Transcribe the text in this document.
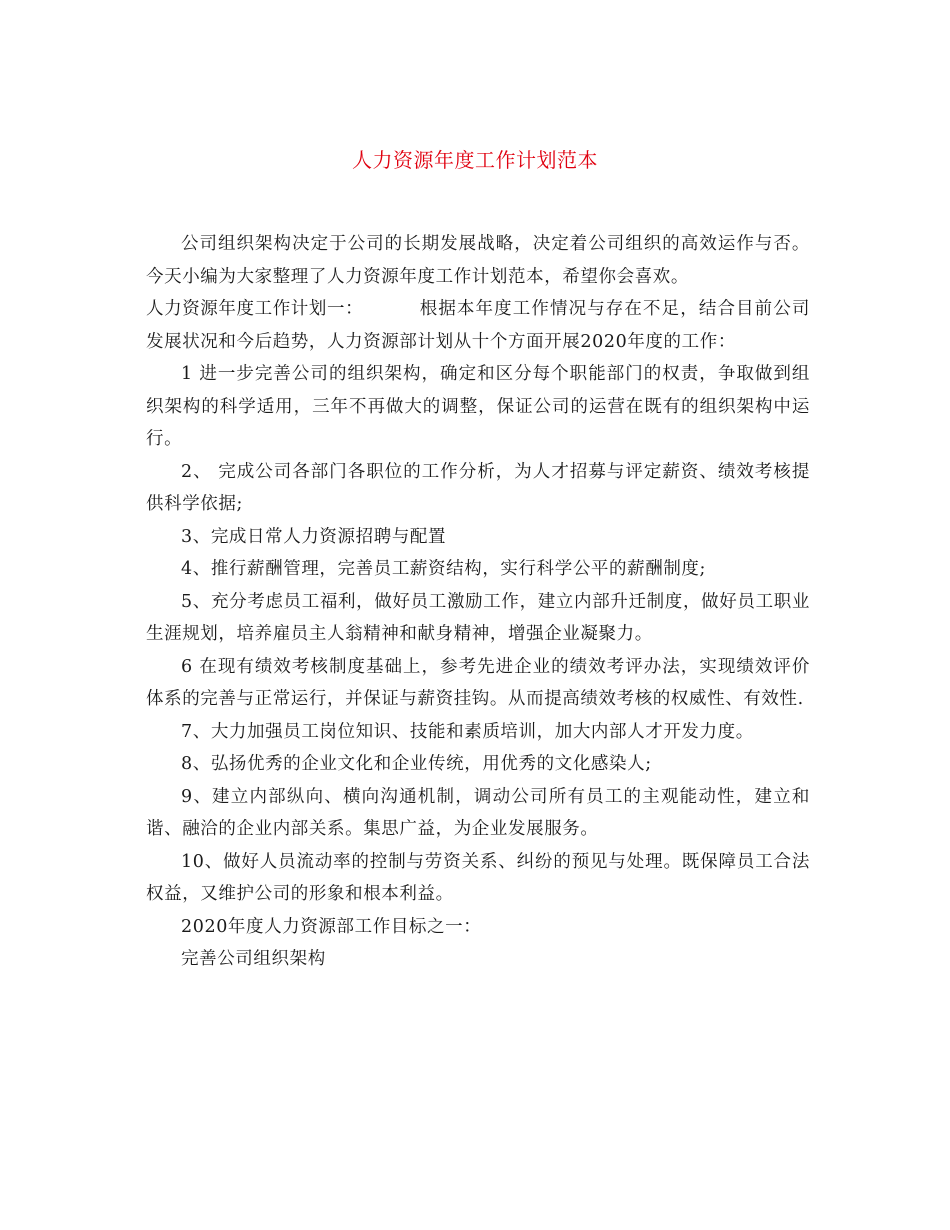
人力资源年度工作计划范本

公司组织架构决定于公司的长期发展战略，决定着公司组织的高效运作与否。今天小编为大家整理了人力资源年度工作计划范本，希望你会喜欢。

人力资源年度工作计划一：	根据本年度工作情况与存在不足，结合目前公司发展状况和今后趋势，人力资源部计划从十个方面开展2020年度的工作：

1 进一步完善公司的组织架构，确定和区分每个职能部门的权责，争取做到组织架构的科学适用，三年不再做大的调整，保证公司的运营在既有的组织架构中运行。

2、 完成公司各部门各职位的工作分析，为人才招募与评定薪资、绩效考核提供科学依据;

3、完成日常人力资源招聘与配置

4、推行薪酬管理，完善员工薪资结构，实行科学公平的薪酬制度;

5、充分考虑员工福利，做好员工激励工作，建立内部升迁制度，做好员工职业生涯规划，培养雇员主人翁精神和献身精神，增强企业凝聚力。

6 在现有绩效考核制度基础上，参考先进企业的绩效考评办法，实现绩效评价体系的完善与正常运行，并保证与薪资挂钩。从而提高绩效考核的权威性、有效性.

7、大力加强员工岗位知识、技能和素质培训，加大内部人才开发力度。

8、弘扬优秀的企业文化和企业传统，用优秀的文化感染人;

9、建立内部纵向、横向沟通机制，调动公司所有员工的主观能动性，建立和谐、融洽的企业内部关系。集思广益，为企业发展服务。

10、做好人员流动率的控制与劳资关系、纠纷的预见与处理。既保障员工合法权益，又维护公司的形象和根本利益。

2020年度人力资源部工作目标之一：

完善公司组织架构
